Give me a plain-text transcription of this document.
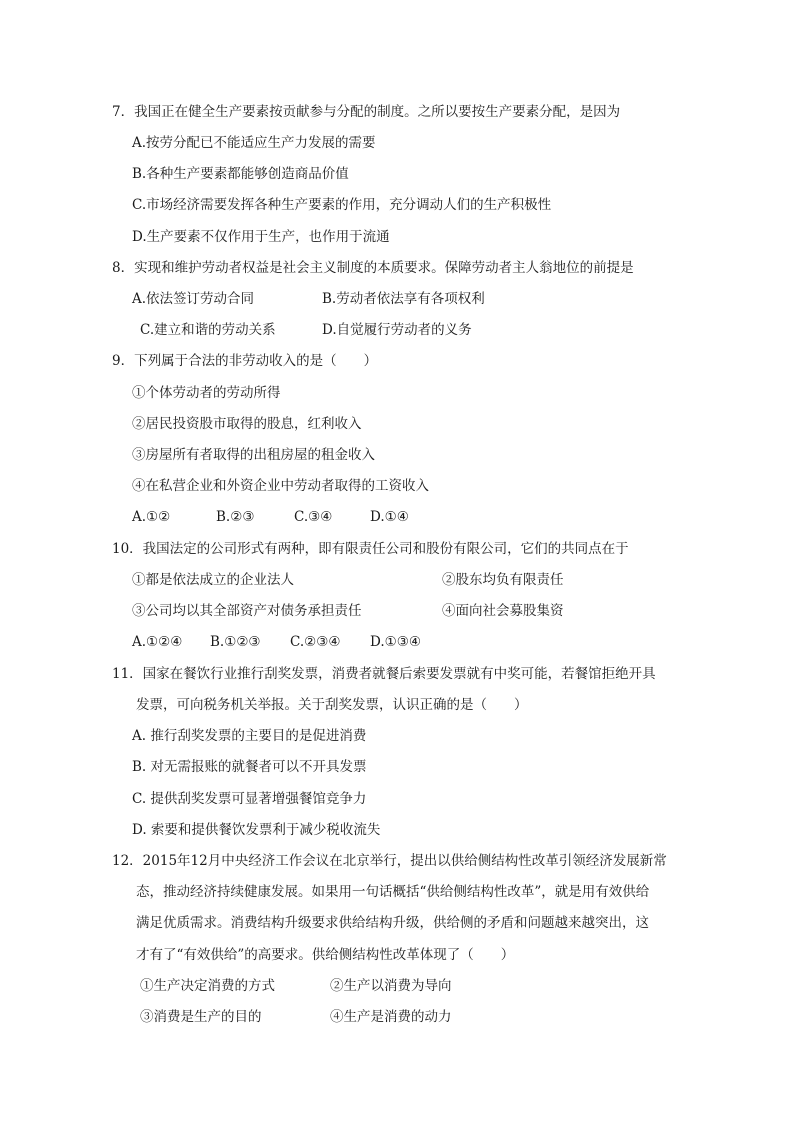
7．我国正在健全生产要素按贡献参与分配的制度。之所以要按生产要素分配，是因为
A.按劳分配已不能适应生产力发展的需要
B.各种生产要素都能够创造商品价值
C.市场经济需要发挥各种生产要素的作用，充分调动人们的生产积极性
D.生产要素不仅作用于生产，也作用于流通
8．实现和维护劳动者权益是社会主义制度的本质要求。保障劳动者主人翁地位的前提是
A.依法签订劳动合同	B.劳动者依法享有各项权利
C.建立和谐的劳动关系	D.自觉履行劳动者的义务
9．下列属于合法的非劳动收入的是（　　）
①个体劳动者的劳动所得
②居民投资股市取得的股息，红利收入
③房屋所有者取得的出租房屋的租金收入
④在私营企业和外资企业中劳动者取得的工资收入
A.①②	B.②③	C.③④	D.①④
10．我国法定的公司形式有两种，即有限责任公司和股份有限公司，它们的共同点在于
①都是依法成立的企业法人	②股东均负有限责任
③公司均以其全部资产对债务承担责任	④面向社会募股集资
A.①②④ B.①②③ C.②③④ D.①③④
11．国家在餐饮行业推行刮奖发票，消费者就餐后索要发票就有中奖可能，若餐馆拒绝开具
发票，可向税务机关举报。关于刮奖发票，认识正确的是（　　）
A. 推行刮奖发票的主要目的是促进消费
B. 对无需报账的就餐者可以不开具发票
C. 提供刮奖发票可显著增强餐馆竞争力
D. 索要和提供餐饮发票利于减少税收流失
12．2015年12月中央经济工作会议在北京举行，提出以供给侧结构性改革引领经济发展新常
态，推动经济持续健康发展。如果用一句话概括“供给侧结构性改革”，就是用有效供给
满足优质需求。消费结构升级要求供给结构升级，供给侧的矛盾和问题越来越突出，这
才有了“有效供给”的高要求。供给侧结构性改革体现了（　　）
①生产决定消费的方式	②生产以消费为导向
③消费是生产的目的	④生产是消费的动力
